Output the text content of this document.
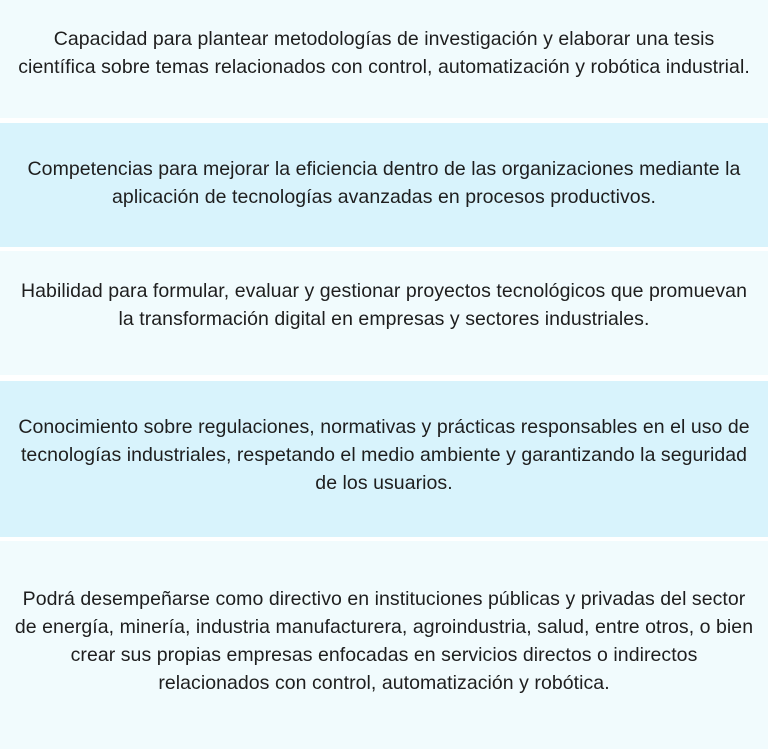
Capacidad para plantear metodologías de investigación y elaborar una tesis científica sobre temas relacionados con control, automatización y robótica industrial.

Competencias para mejorar la eficiencia dentro de las organizaciones mediante la aplicación de tecnologías avanzadas en procesos productivos.

Habilidad para formular, evaluar y gestionar proyectos tecnológicos que promuevan la transformación digital en empresas y sectores industriales.

Conocimiento sobre regulaciones, normativas y prácticas responsables en el uso de tecnologías industriales, respetando el medio ambiente y garantizando la seguridad de los usuarios.

Podrá desempeñarse como directivo en instituciones públicas y privadas del sector de energía, minería, industria manufacturera, agroindustria, salud, entre otros, o bien crear sus propias empresas enfocadas en servicios directos o indirectos relacionados con control, automatización y robótica.
